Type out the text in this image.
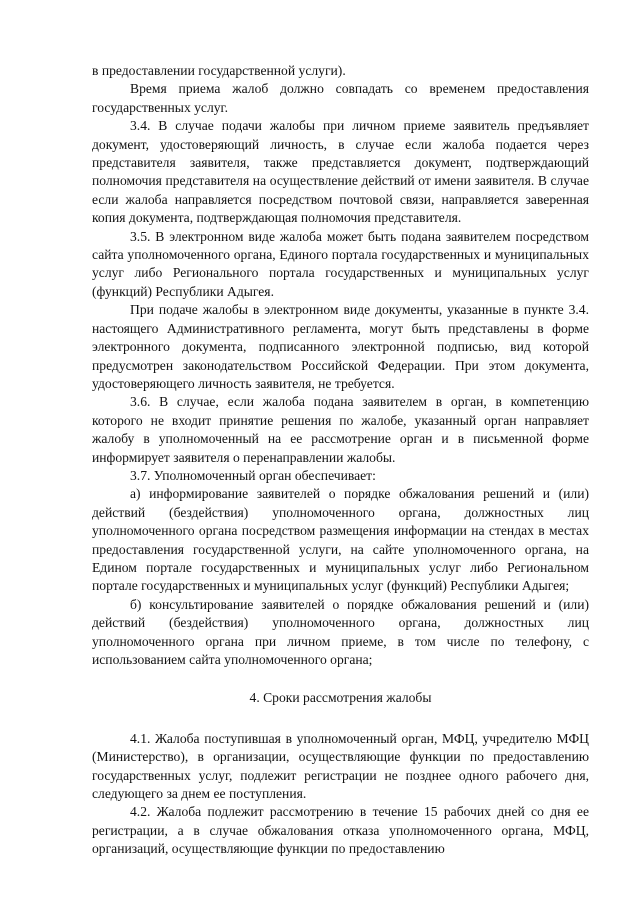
в предоставлении государственной услуги).

Время приема жалоб должно совпадать со временем предоставления государственных услуг.

3.4. В случае подачи жалобы при личном приеме заявитель предъявляет документ, удостоверяющий личность, в случае если жалоба подается через представителя заявителя, также представляется документ, подтверждающий полномочия представителя на осуществление действий от имени заявителя. В случае если жалоба направляется посредством почтовой связи, направляется заверенная копия документа, подтверждающая полномочия представителя.

3.5. В электронном виде жалоба может быть подана заявителем посредством сайта уполномоченного органа, Единого портала государственных и муниципальных услуг либо Регионального портала государственных и муниципальных услуг (функций) Республики Адыгея.

При подаче жалобы в электронном виде документы, указанные в пункте 3.4. настоящего Административного регламента, могут быть представлены в форме электронного документа, подписанного электронной подписью, вид которой предусмотрен законодательством Российской Федерации. При этом документа, удостоверяющего личность заявителя, не требуется.

3.6. В случае, если жалоба подана заявителем в орган, в компетенцию которого не входит принятие решения по жалобе, указанный орган направляет жалобу в уполномоченный на ее рассмотрение орган и в письменной форме информирует заявителя о перенаправлении жалобы.

3.7. Уполномоченный орган обеспечивает:

а) информирование заявителей о порядке обжалования решений и (или) действий (бездействия) уполномоченного органа, должностных лиц уполномоченного органа посредством размещения информации на стендах в местах предоставления государственной услуги, на сайте уполномоченного органа, на Едином портале государственных и муниципальных услуг либо Региональном портале государственных и муниципальных услуг (функций) Республики Адыгея;

б) консультирование заявителей о порядке обжалования решений и (или) действий (бездействия) уполномоченного органа, должностных лиц уполномоченного органа при личном приеме, в том числе по телефону, с использованием сайта уполномоченного органа;

4. Сроки рассмотрения жалобы

4.1. Жалоба поступившая в уполномоченный орган, МФЦ, учредителю МФЦ (Министерство), в организации, осуществляющие функции по предоставлению государственных услуг, подлежит регистрации не позднее одного рабочего дня, следующего за днем ее поступления.

4.2. Жалоба подлежит рассмотрению в течение 15 рабочих дней со дня ее регистрации, а в случае обжалования отказа уполномоченного органа, МФЦ, организаций, осуществляющие функции по предоставлению
